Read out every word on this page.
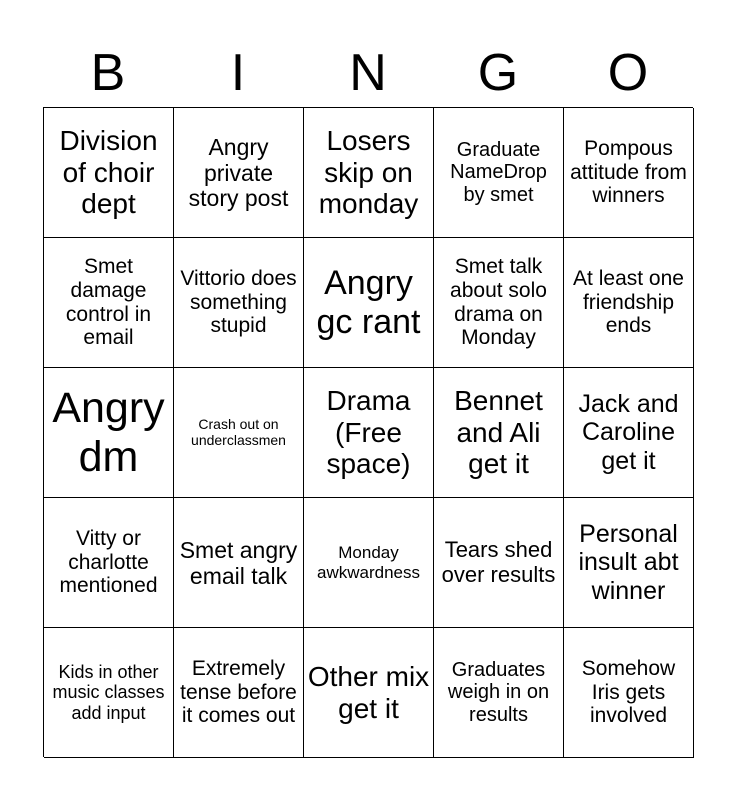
B	I	N	G	O
Division of choir dept
Angry private story post
Losers skip on monday
Graduate NameDrop by smet
Pompous attitude from winners
Smet damage control in email
Vittorio does something stupid
Angry gc rant
Smet talk about solo drama on Monday
At least one friendship ends
Angry dm
Crash out on underclassmen
Drama (Free space)
Bennet and Ali get it
Jack and Caroline get it
Vitty or charlotte mentioned
Smet angry email talk
Monday awkwardness
Tears shed over results
Personal insult abt winner
Kids in other music classes add input
Extremely tense before it comes out
Other mix get it
Graduates weigh in on results
Somehow Iris gets involved
